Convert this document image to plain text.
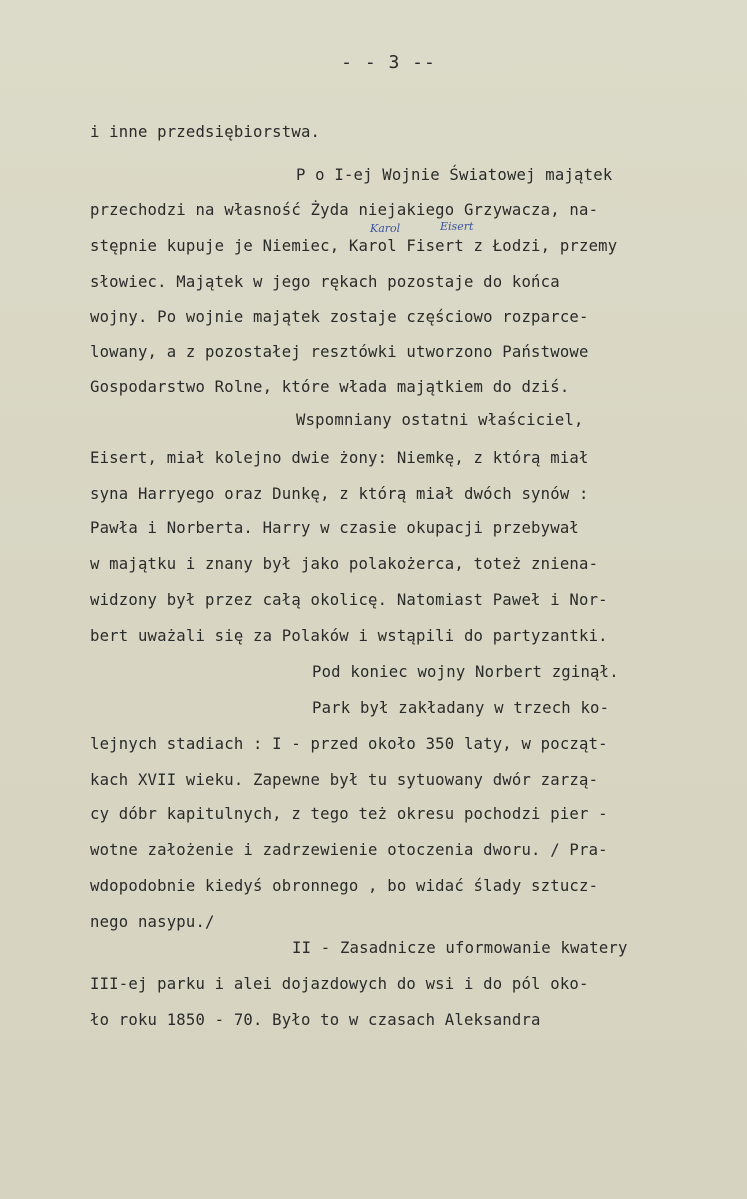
- - 3 --
Karol	Eisert
i inne przedsiębiorstwa.
P o I-ej Wojnie Światowej majątek
przechodzi na własność Żyda niejakiego Grzywacza, na-
stępnie kupuje je Niemiec, Karol Fisert z Łodzi, przemy
słowiec. Majątek w jego rękach pozostaje do końca
wojny. Po wojnie majątek zostaje częściowo rozparce-
lowany, a z pozostałej resztówki utworzono Państwowe
Gospodarstwo Rolne, które włada majątkiem do dziś.
Wspomniany ostatni właściciel,
Eisert, miał kolejno dwie żony: Niemkę, z którą miał
syna Harryego oraz Dunkę, z którą miał dwóch synów :
Pawła i Norberta. Harry w czasie okupacji przebywał
w majątku i znany był jako polakożerca, toteż znienа-
widzony był przez całą okolicę. Natomiast Paweł i Nor-
bert uważali się za Polaków i wstąpili do partyzantki.
Pod koniec wojny Norbert zginął.
Park był zakładany w trzech ko-
lejnych stadiach : I - przed około 350 laty, w począt-
kach XVII wieku. Zapewne był tu sytuowany dwór zarzą-
cy dóbr kapitulnych, z tego też okresu pochodzi pier -
wotne założenie i zadrzewienie otoczenia dworu. / Pra-
wdopodobnie kiedyś obronnego , bo widać ślady sztucz-
nego nasypu./
II - Zasadnicze uformowanie kwatery
III-ej parku i alei dojazdowych do wsi i do pól oko-
ło roku 1850 - 70. Było to w czasach Aleksandra
